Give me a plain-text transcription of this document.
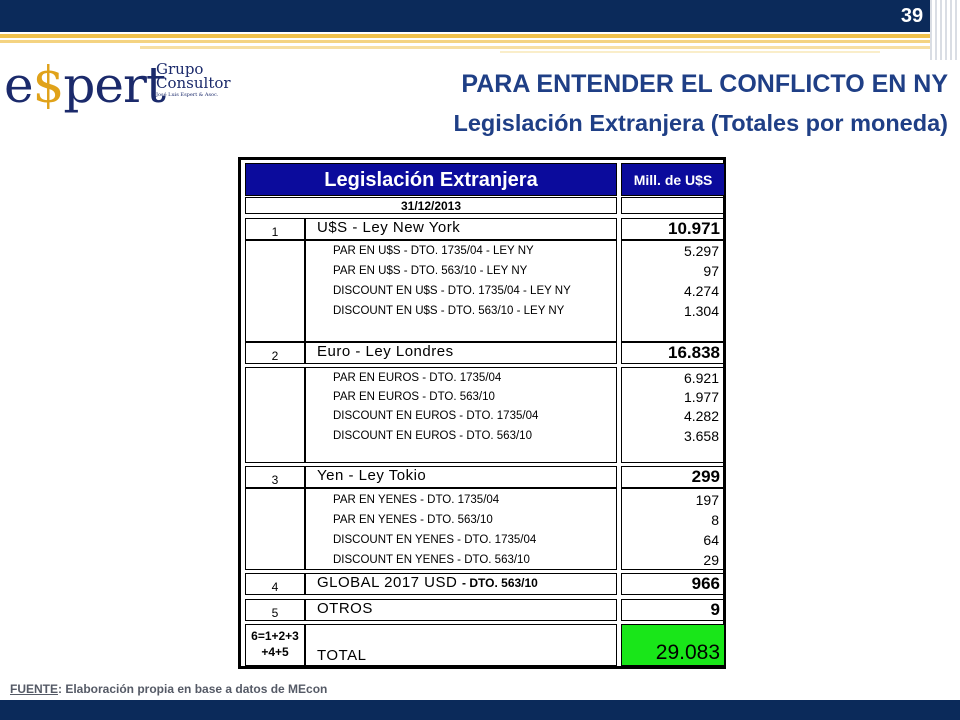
39
e$pert
Grupo
Consultor
José Luis Espert & Asoc.	PARA ENTENDER EL CONFLICTO EN NY
Legislación Extranjera (Totales por moneda)
Legislación Extranjera	Mill. de U$S
31/12/2013
1	U$S - Ley New York	10.971
PAR EN U$S - DTO. 1735/04 - LEY NY	5.297
PAR EN U$S - DTO. 563/10 - LEY NY	97
DISCOUNT EN U$S - DTO. 1735/04 - LEY NY	4.274
DISCOUNT EN U$S - DTO. 563/10 - LEY NY	1.304
2	Euro - Ley Londres	16.838
PAR EN EUROS - DTO. 1735/04	6.921
PAR EN EUROS - DTO. 563/10	1.977
DISCOUNT EN EUROS - DTO. 1735/04	4.282
DISCOUNT EN EUROS - DTO. 563/10	3.658
3	Yen - Ley Tokio	299
PAR EN YENES - DTO. 1735/04	197
PAR EN YENES - DTO. 563/10	8
DISCOUNT EN YENES - DTO. 1735/04	64
DISCOUNT EN YENES - DTO. 563/10	29
4	GLOBAL 2017 USD - DTO. 563/10	966
5	OTROS	9
6=1+2+3
+4+5	TOTAL	29.083
FUENTE: Elaboración propia en base a datos de MEcon
